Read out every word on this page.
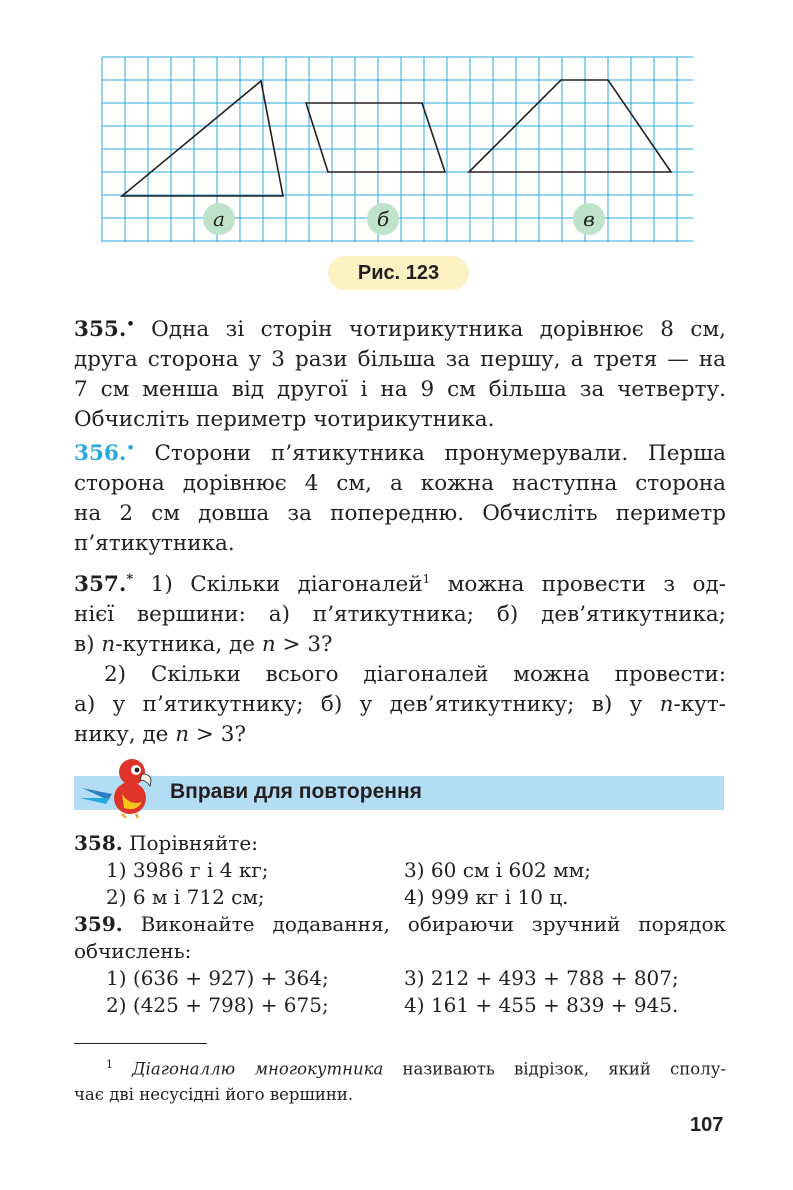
а	б	в
Рис. 123
355.• Одна зі сторін чотирикутника дорівнює 8 см,
друга сторона у 3 рази більша за першу, а третя — на
7 см менша від другої і на 9 см більша за четверту.
Обчисліть периметр чотирикутника.
356.• Сторони п’ятикутника пронумерували. Перша
сторона дорівнює 4 см, а кожна наступна сторона
на 2 см довша за попередню. Обчисліть периметр
п’ятикутника.
357.* 1) Скільки діагоналей$^1$ можна провести з од-
нієї вершини: а) п’ятикутника; б) дев’ятикутника;
в) n-кутника, де n > 3?
2) Скільки всього діагоналей можна провести:
а) у п’ятикутнику; б) у дев’ятикутнику; в) у n-кут-
нику, де n > 3?
Вправи для повторення
358. Порівняйте:
1) 3986 г і 4 кг;	3) 60 см і 602 мм;
2) 6 м і 712 см;	4) 999 кг і 10 ц.
359. Виконайте додавання, обираючи зручний порядок
обчислень:
1) (636 + 927) + 364;	3) 212 + 493 + 788 + 807;
2) (425 + 798) + 675;	4) 161 + 455 + 839 + 945.
$^1$ Діагоналлю многокутника називають відрізок, який сполу-
чає дві несусідні його вершини.
107
